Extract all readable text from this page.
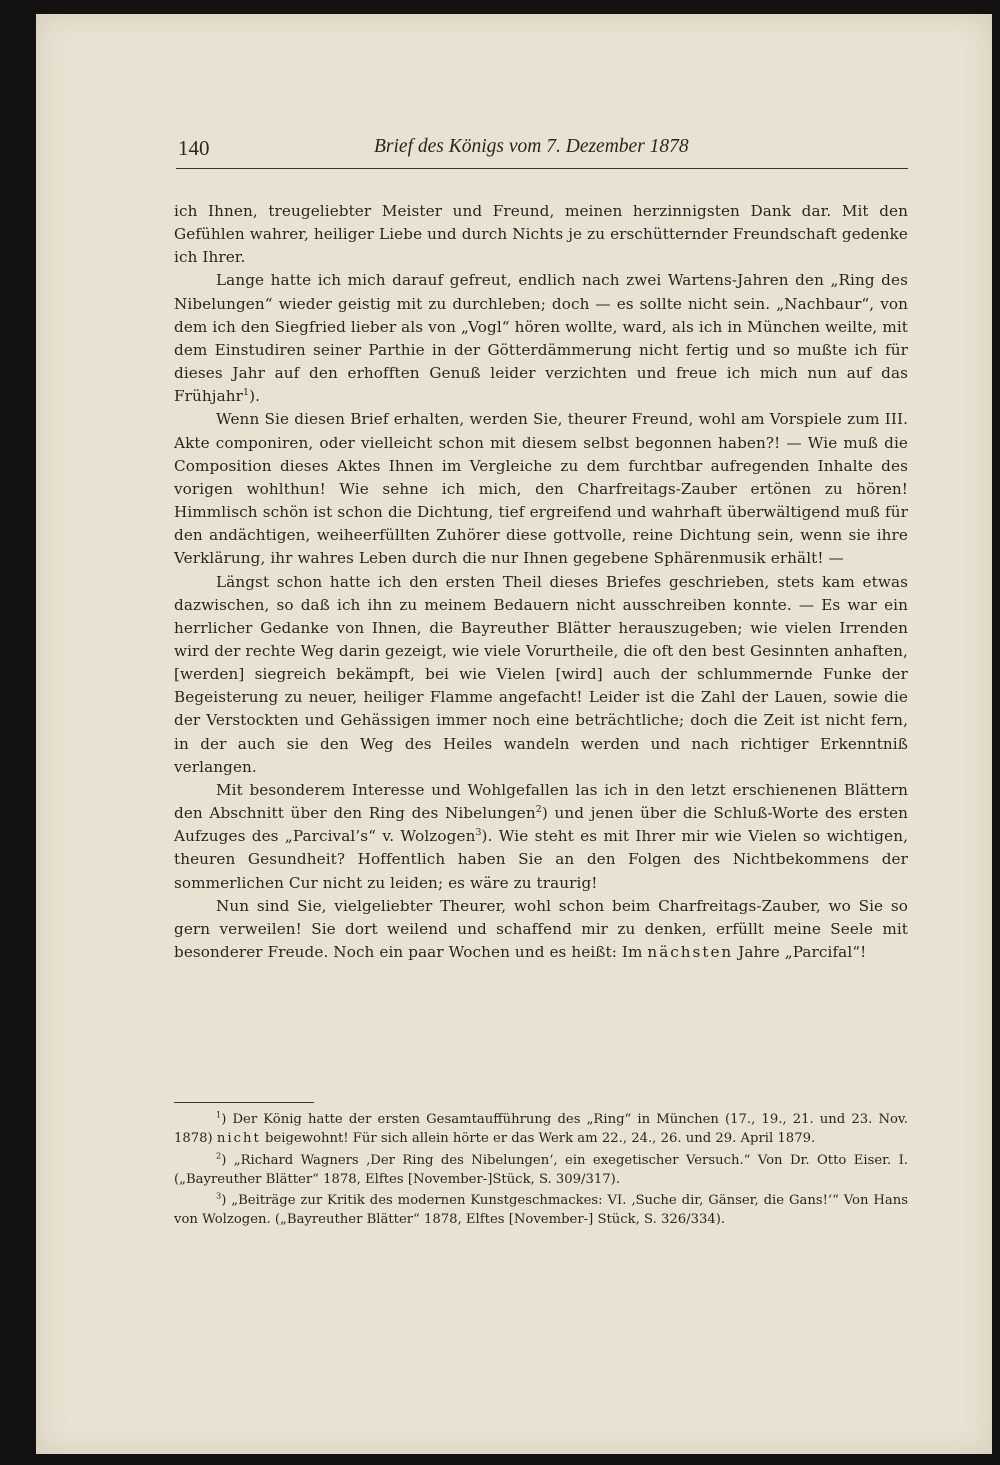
140	Brief des Königs vom 7. Dezember 1878

ich Ihnen, treugeliebter Meister und Freund, meinen herzinnigsten Dank dar. Mit den Gefühlen wahrer, heiliger Liebe und durch Nichts je zu erschütternder Freundschaft gedenke ich Ihrer.

Lange hatte ich mich darauf gefreut, endlich nach zwei Wartens-Jahren den „Ring des Nibelungen“ wieder geistig mit zu durchleben; doch — es sollte nicht sein. „Nachbaur“, von dem ich den Siegfried lieber als von „Vogl“ hören wollte, ward, als ich in München weilte, mit dem Einstudiren seiner Parthie in der Götterdämmerung nicht fertig und so mußte ich für dieses Jahr auf den erhofften Genuß leider verzichten und freue ich mich nun auf das Frühjahr$^1$).

Wenn Sie diesen Brief erhalten, werden Sie, theurer Freund, wohl am Vorspiele zum III. Akte componiren, oder vielleicht schon mit diesem selbst begonnen haben?! — Wie muß die Composition dieses Aktes Ihnen im Vergleiche zu dem furchtbar aufregenden Inhalte des vorigen wohlthun! Wie sehne ich mich, den Charfreitags-Zauber ertönen zu hören! Himmlisch schön ist schon die Dichtung, tief ergreifend und wahrhaft überwältigend muß für den andächtigen, weiheerfüllten Zuhörer diese gottvolle, reine Dichtung sein, wenn sie ihre Verklärung, ihr wahres Leben durch die nur Ihnen gegebene Sphärenmusik erhält! —

Längst schon hatte ich den ersten Theil dieses Briefes geschrieben, stets kam etwas dazwischen, so daß ich ihn zu meinem Bedauern nicht ausschreiben konnte. — Es war ein herrlicher Gedanke von Ihnen, die Bayreuther Blätter herauszugeben; wie vielen Irrenden wird der rechte Weg darin gezeigt, wie viele Vorurtheile, die oft den best Gesinnten anhaften, [werden] siegreich bekämpft, bei wie Vielen [wird] auch der schlummernde Funke der Begeisterung zu neuer, heiliger Flamme angefacht! Leider ist die Zahl der Lauen, sowie die der Verstockten und Gehässigen immer noch eine beträchtliche; doch die Zeit ist nicht fern, in der auch sie den Weg des Heiles wandeln werden und nach richtiger Erkenntniß verlangen.

Mit besonderem Interesse und Wohlgefallen las ich in den letzt erschienenen Blättern den Abschnitt über den Ring des Nibelungen$^2$) und jenen über die Schluß-Worte des ersten Aufzuges des „Parcival’s“ v. Wolzogen$^3$). Wie steht es mit Ihrer mir wie Vielen so wichtigen, theuren Gesundheit? Hoffentlich haben Sie an den Folgen des Nichtbekommens der sommerlichen Cur nicht zu leiden; es wäre zu traurig!

Nun sind Sie, vielgeliebter Theurer, wohl schon beim Charfreitags-Zauber, wo Sie so gern verweilen! Sie dort weilend und schaffend mir zu denken, erfüllt meine Seele mit besonderer Freude. Noch ein paar Wochen und es heißt: Im nächsten Jahre „Parcifal“!

$^1$) Der König hatte der ersten Gesamtaufführung des „Ring“ in München (17., 19., 21. und 23. Nov. 1878) nicht beigewohnt! Für sich allein hörte er das Werk am 22., 24., 26. und 29. April 1879.

$^2$) „Richard Wagners ‚Der Ring des Nibelungen‘, ein exegetischer Versuch.“ Von Dr. Otto Eiser. I. („Bayreuther Blätter“ 1878, Elftes [November-]Stück, S. 309/317).

$^3$) „Beiträge zur Kritik des modernen Kunstgeschmackes: VI. ‚Suche dir, Gänser, die Gans!‘“ Von Hans von Wolzogen. („Bayreuther Blätter“ 1878, Elftes [November-] Stück, S. 326/334).
